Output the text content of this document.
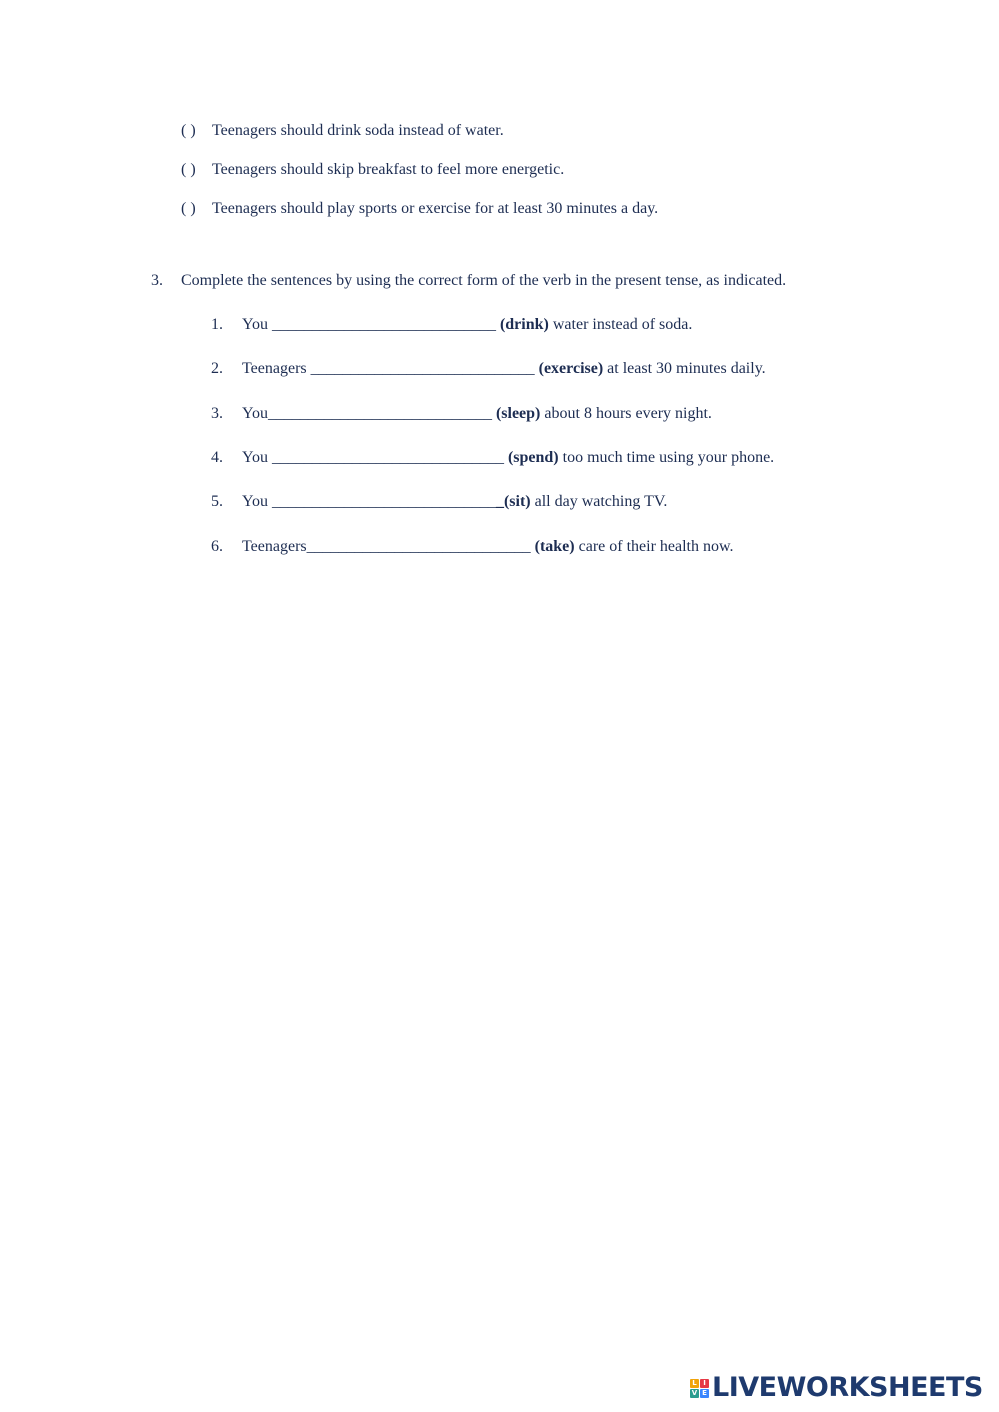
( ) Teenagers should drink soda instead of water.
( ) Teenagers should skip breakfast to feel more energetic.
( ) Teenagers should play sports or exercise for at least 30 minutes a day.
3. Complete the sentences by using the correct form of the verb in the present tense, as indicated.
1. You ____________________________ (drink) water instead of soda.
2. Teenagers ____________________________ (exercise) at least 30 minutes daily.
3. You____________________________ (sleep) about 8 hours every night.
4. You _____________________________ (spend) too much time using your phone.
5. You _____________________________(sit) all day watching TV.
6. Teenagers____________________________ (take) care of their health now.
L I
V E LIVEWORKSHEETS
